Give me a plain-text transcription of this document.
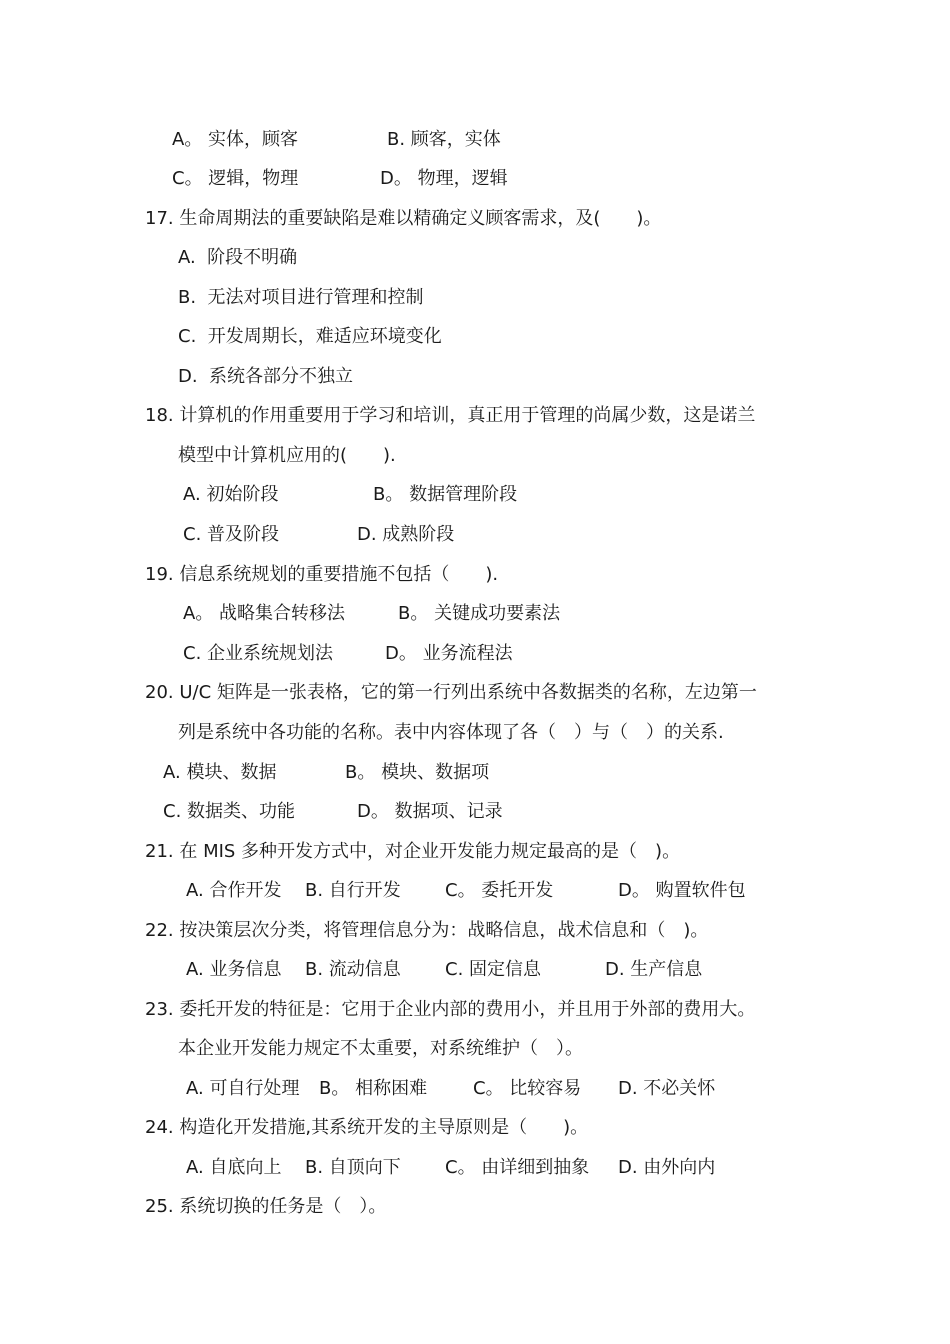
A。 实体，顾客	B. 顾客，实体
C。 逻辑，物理	D。 物理，逻辑
17. 生命周期法的重要缺陷是难以精确定义顾客需求，及(　　)。
A.  阶段不明确
B.  无法对项目进行管理和控制
C.  开发周期长，难适应环境变化
D.  系统各部分不独立
18. 计算机的作用重要用于学习和培训，真正用于管理的尚属少数，这是诺兰
模型中计算机应用的(　　).
A. 初始阶段	B。 数据管理阶段
C. 普及阶段	D. 成熟阶段
19. 信息系统规划的重要措施不包括（　　).
A。 战略集合转移法	B。 关键成功要素法
C. 企业系统规划法	D。 业务流程法
20. U/C 矩阵是一张表格，它的第一行列出系统中各数据类的名称，左边第一
列是系统中各功能的名称。表中内容体现了各（　）与（　）的关系.
A. 模块、数据	B。 模块、数据项
C. 数据类、功能	D。 数据项、记录
21. 在 MIS 多种开发方式中，对企业开发能力规定最高的是（　)。
A. 合作开发 B. 自行开发 C。 委托开发	D。 购置软件包
22. 按决策层次分类，将管理信息分为：战略信息，战术信息和（　)。
A. 业务信息 B. 流动信息 C. 固定信息	D. 生产信息
23. 委托开发的特征是：它用于企业内部的费用小，并且用于外部的费用大。
本企业开发能力规定不太重要，对系统维护（　）。
A. 可自行处理 B。 相称困难	C。 比较容易 D. 不必关怀
24. 构造化开发措施,其系统开发的主导原则是（　　)。
A. 自底向上 B. 自顶向下 C。 由详细到抽象 D. 由外向内
25. 系统切换的任务是（　）。
